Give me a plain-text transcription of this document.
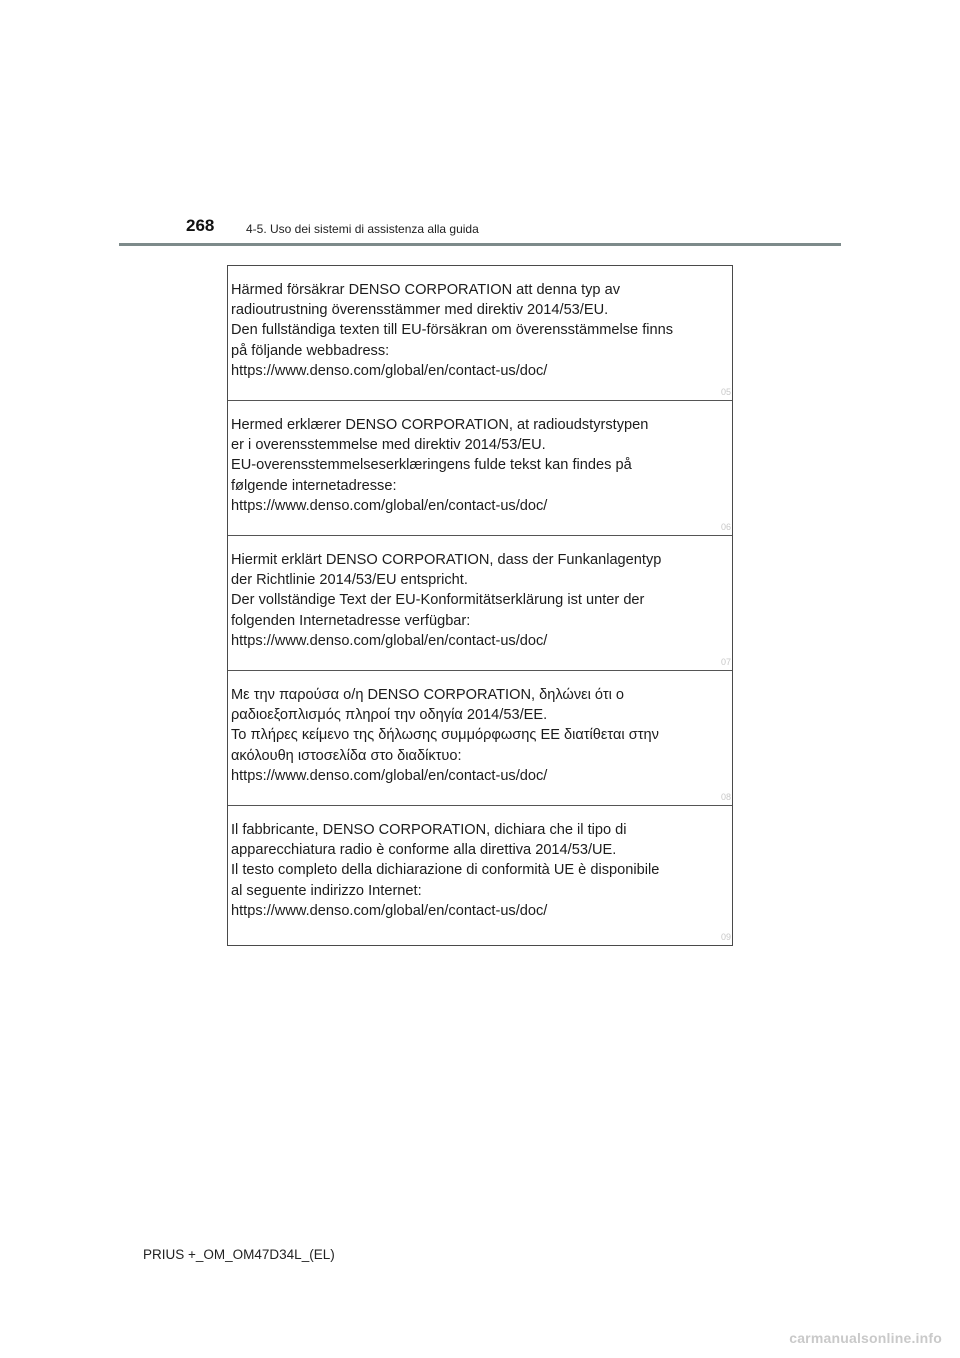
268	4-5. Uso dei sistemi di assistenza alla guida
Härmed försäkrar DENSO CORPORATION att denna typ av
radioutrustning överensstämmer med direktiv 2014/53/EU.
Den fullständiga texten till EU-försäkran om överensstämmelse finns
på följande webbadress:
https://www.denso.com/global/en/contact-us/doc/
05
Hermed erklærer DENSO CORPORATION, at radioudstyrstypen
er i overensstemmelse med direktiv 2014/53/EU.
EU-overensstemmelseserklæringens fulde tekst kan findes på
følgende internetadresse:
https://www.denso.com/global/en/contact-us/doc/
06
Hiermit erklärt DENSO CORPORATION, dass der Funkanlagentyp
der Richtlinie 2014/53/EU entspricht.
Der vollständige Text der EU-Konformitätserklärung ist unter der
folgenden Internetadresse verfügbar:
https://www.denso.com/global/en/contact-us/doc/
07
Με την παρούσα ο/η DENSO CORPORATION, δηλώνει ότι ο
ραδιοεξοπλισμός πληροί την οδηγία 2014/53/ΕΕ.
Το πλήρες κείμενο της δήλωσης συμμόρφωσης ΕΕ διατίθεται στην
ακόλουθη ιστοσελίδα στο διαδίκτυο:
https://www.denso.com/global/en/contact-us/doc/
08
Il fabbricante, DENSO CORPORATION, dichiara che il tipo di
apparecchiatura radio è conforme alla direttiva 2014/53/UE.
Il testo completo della dichiarazione di conformità UE è disponibile
al seguente indirizzo Internet:
https://www.denso.com/global/en/contact-us/doc/
09
PRIUS +_OM_OM47D34L_(EL)
carmanualsonline.info
